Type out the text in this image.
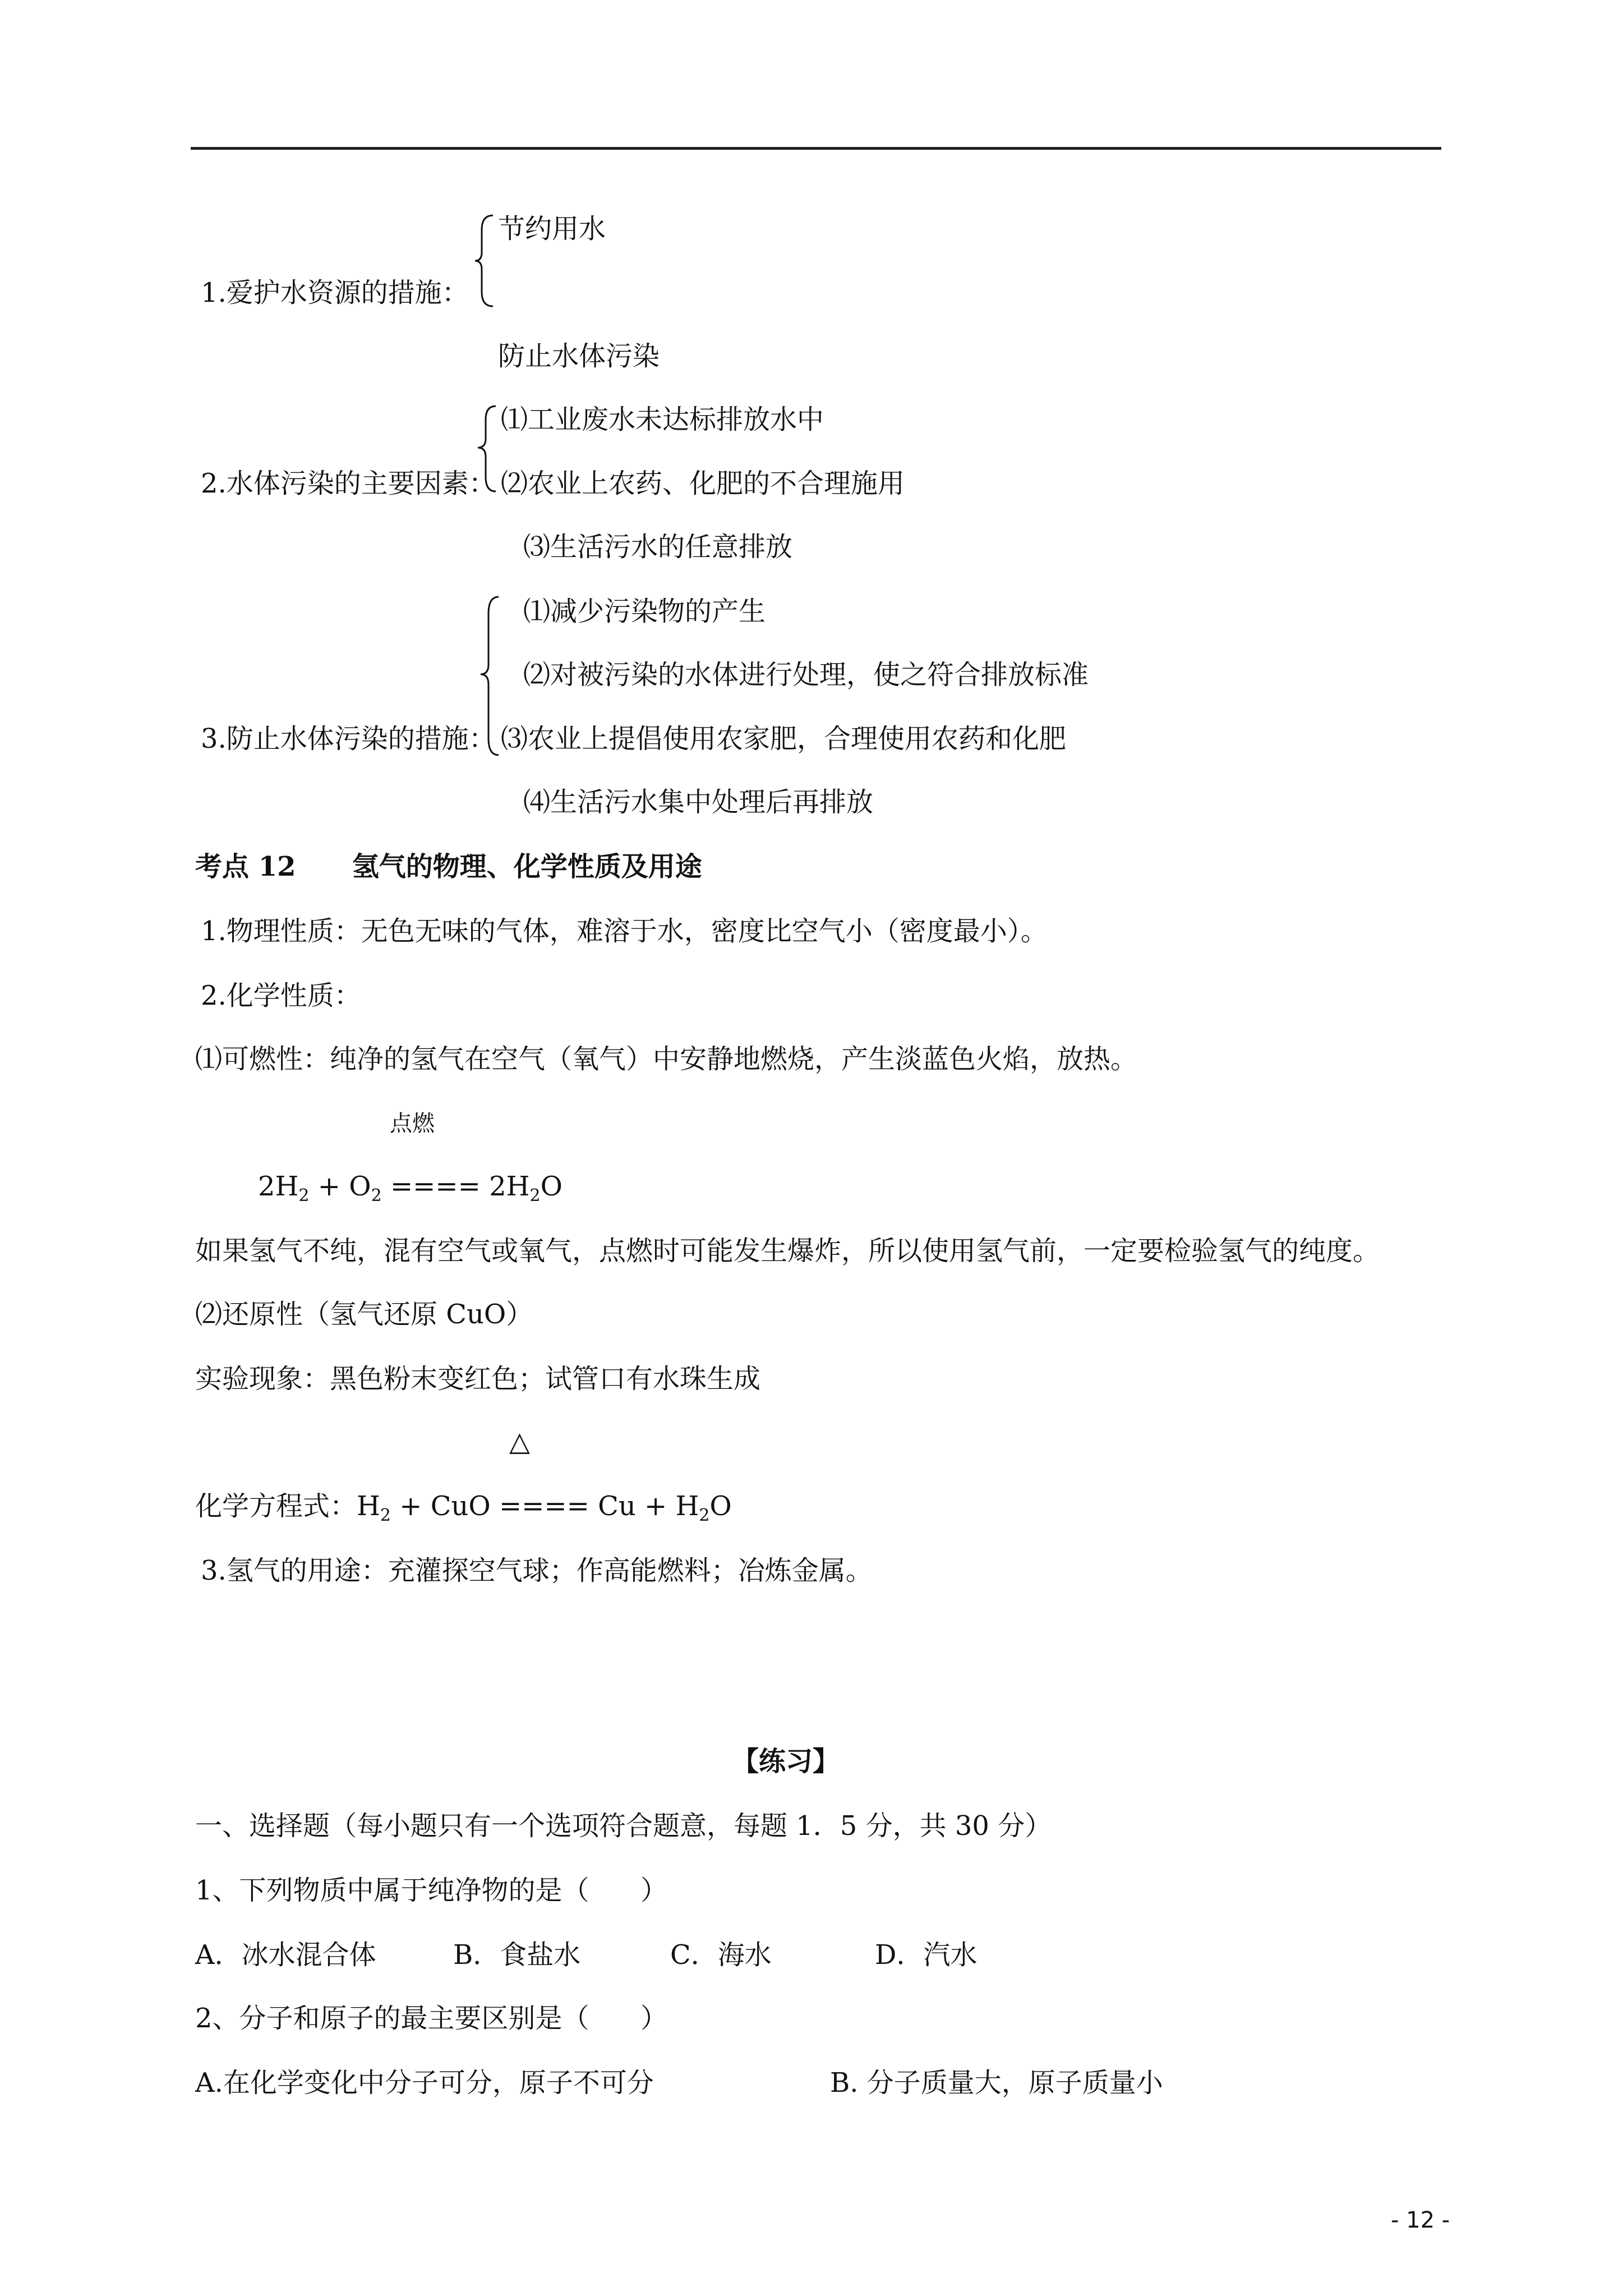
节约用水
1.爱护水资源的措施：
防止水体污染
⑴工业废水未达标排放水中
2.水体污染的主要因素： ⑵农业上农药、化肥的不合理施用
⑶生活污水的任意排放
⑴减少污染物的产生
⑵对被污染的水体进行处理，使之符合排放标准
3.防止水体污染的措施： ⑶农业上提倡使用农家肥，合理使用农药和化肥
⑷生活污水集中处理后再排放
考点 12      氢气的物理、化学性质及用途
1.物理性质：无色无味的气体，难溶于水，密度比空气小（密度最小）。
2.化学性质：
⑴可燃性：纯净的氢气在空气（氧气）中安静地燃烧，产生淡蓝色火焰，放热。
点燃
$2H_2 + O_2$ ==== $2H_2O$
如果氢气不纯，混有空气或氧气，点燃时可能发生爆炸，所以使用氢气前，一定要检验氢气的纯度。
⑵还原性（氢气还原 CuO）
实验现象：黑色粉末变红色；试管口有水珠生成
△
化学方程式：$H_2$ + CuO ==== $Cu + H_2O$
3.氢气的用途：充灌探空气球；作高能燃料；冶炼金属。
【练习】
一、选择题（每小题只有一个选项符合题意，每题 1．5 分，共 30 分）
1、下列物质中属于纯净物的是（      ）
A．冰水混合体	B．食盐水	C．海水	D．汽水
2、分子和原子的最主要区别是（      ）
A.在化学变化中分子可分，原子不可分	B. 分子质量大，原子质量小
- 12 -
